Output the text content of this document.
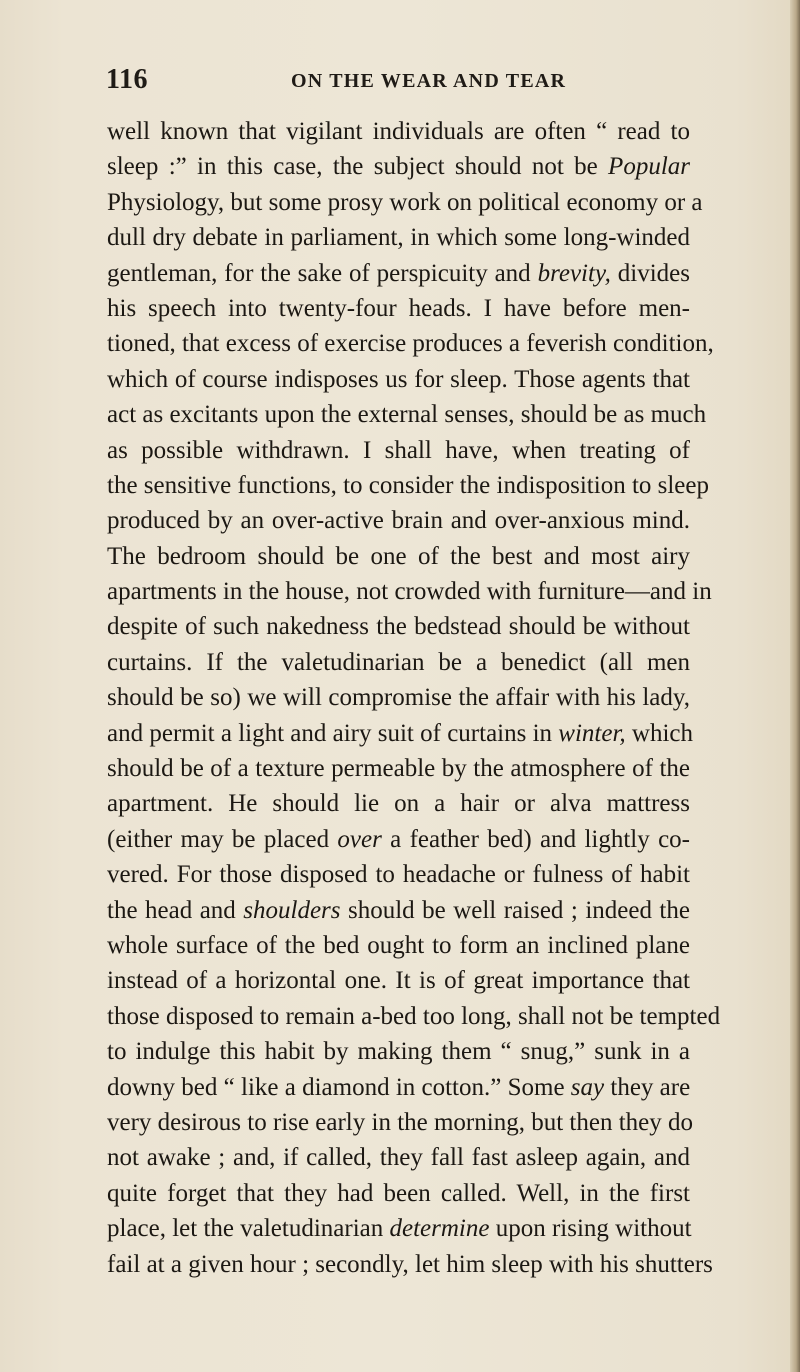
116	ON THE WEAR AND TEAR
well known that vigilant individuals are often “ read to
sleep :” in this case, the subject should not be Popular
Physiology, but some prosy work on political economy or a
dull dry debate in parliament, in which some long-winded
gentleman, for the sake of perspicuity and brevity, divides
his speech into twenty-four heads. I have before men-
tioned, that excess of exercise produces a feverish condition,
which of course indisposes us for sleep. Those agents that
act as excitants upon the external senses, should be as much
as possible withdrawn. I shall have, when treating of
the sensitive functions, to consider the indisposition to sleep
produced by an over-active brain and over-anxious mind.
The bedroom should be one of the best and most airy
apartments in the house, not crowded with furniture—and in
despite of such nakedness the bedstead should be without
curtains. If the valetudinarian be a benedict (all men
should be so) we will compromise the affair with his lady,
and permit a light and airy suit of curtains in winter, which
should be of a texture permeable by the atmosphere of the
apartment. He should lie on a hair or alva mattress
(either may be placed over a feather bed) and lightly co-
vered. For those disposed to headache or fulness of habit
the head and shoulders should be well raised ; indeed the
whole surface of the bed ought to form an inclined plane
instead of a horizontal one. It is of great importance that
those disposed to remain a-bed too long, shall not be tempted
to indulge this habit by making them “ snug,” sunk in a
downy bed “ like a diamond in cotton.” Some say they are
very desirous to rise early in the morning, but then they do
not awake ; and, if called, they fall fast asleep again, and
quite forget that they had been called. Well, in the first
place, let the valetudinarian determine upon rising without
fail at a given hour ; secondly, let him sleep with his shutters
